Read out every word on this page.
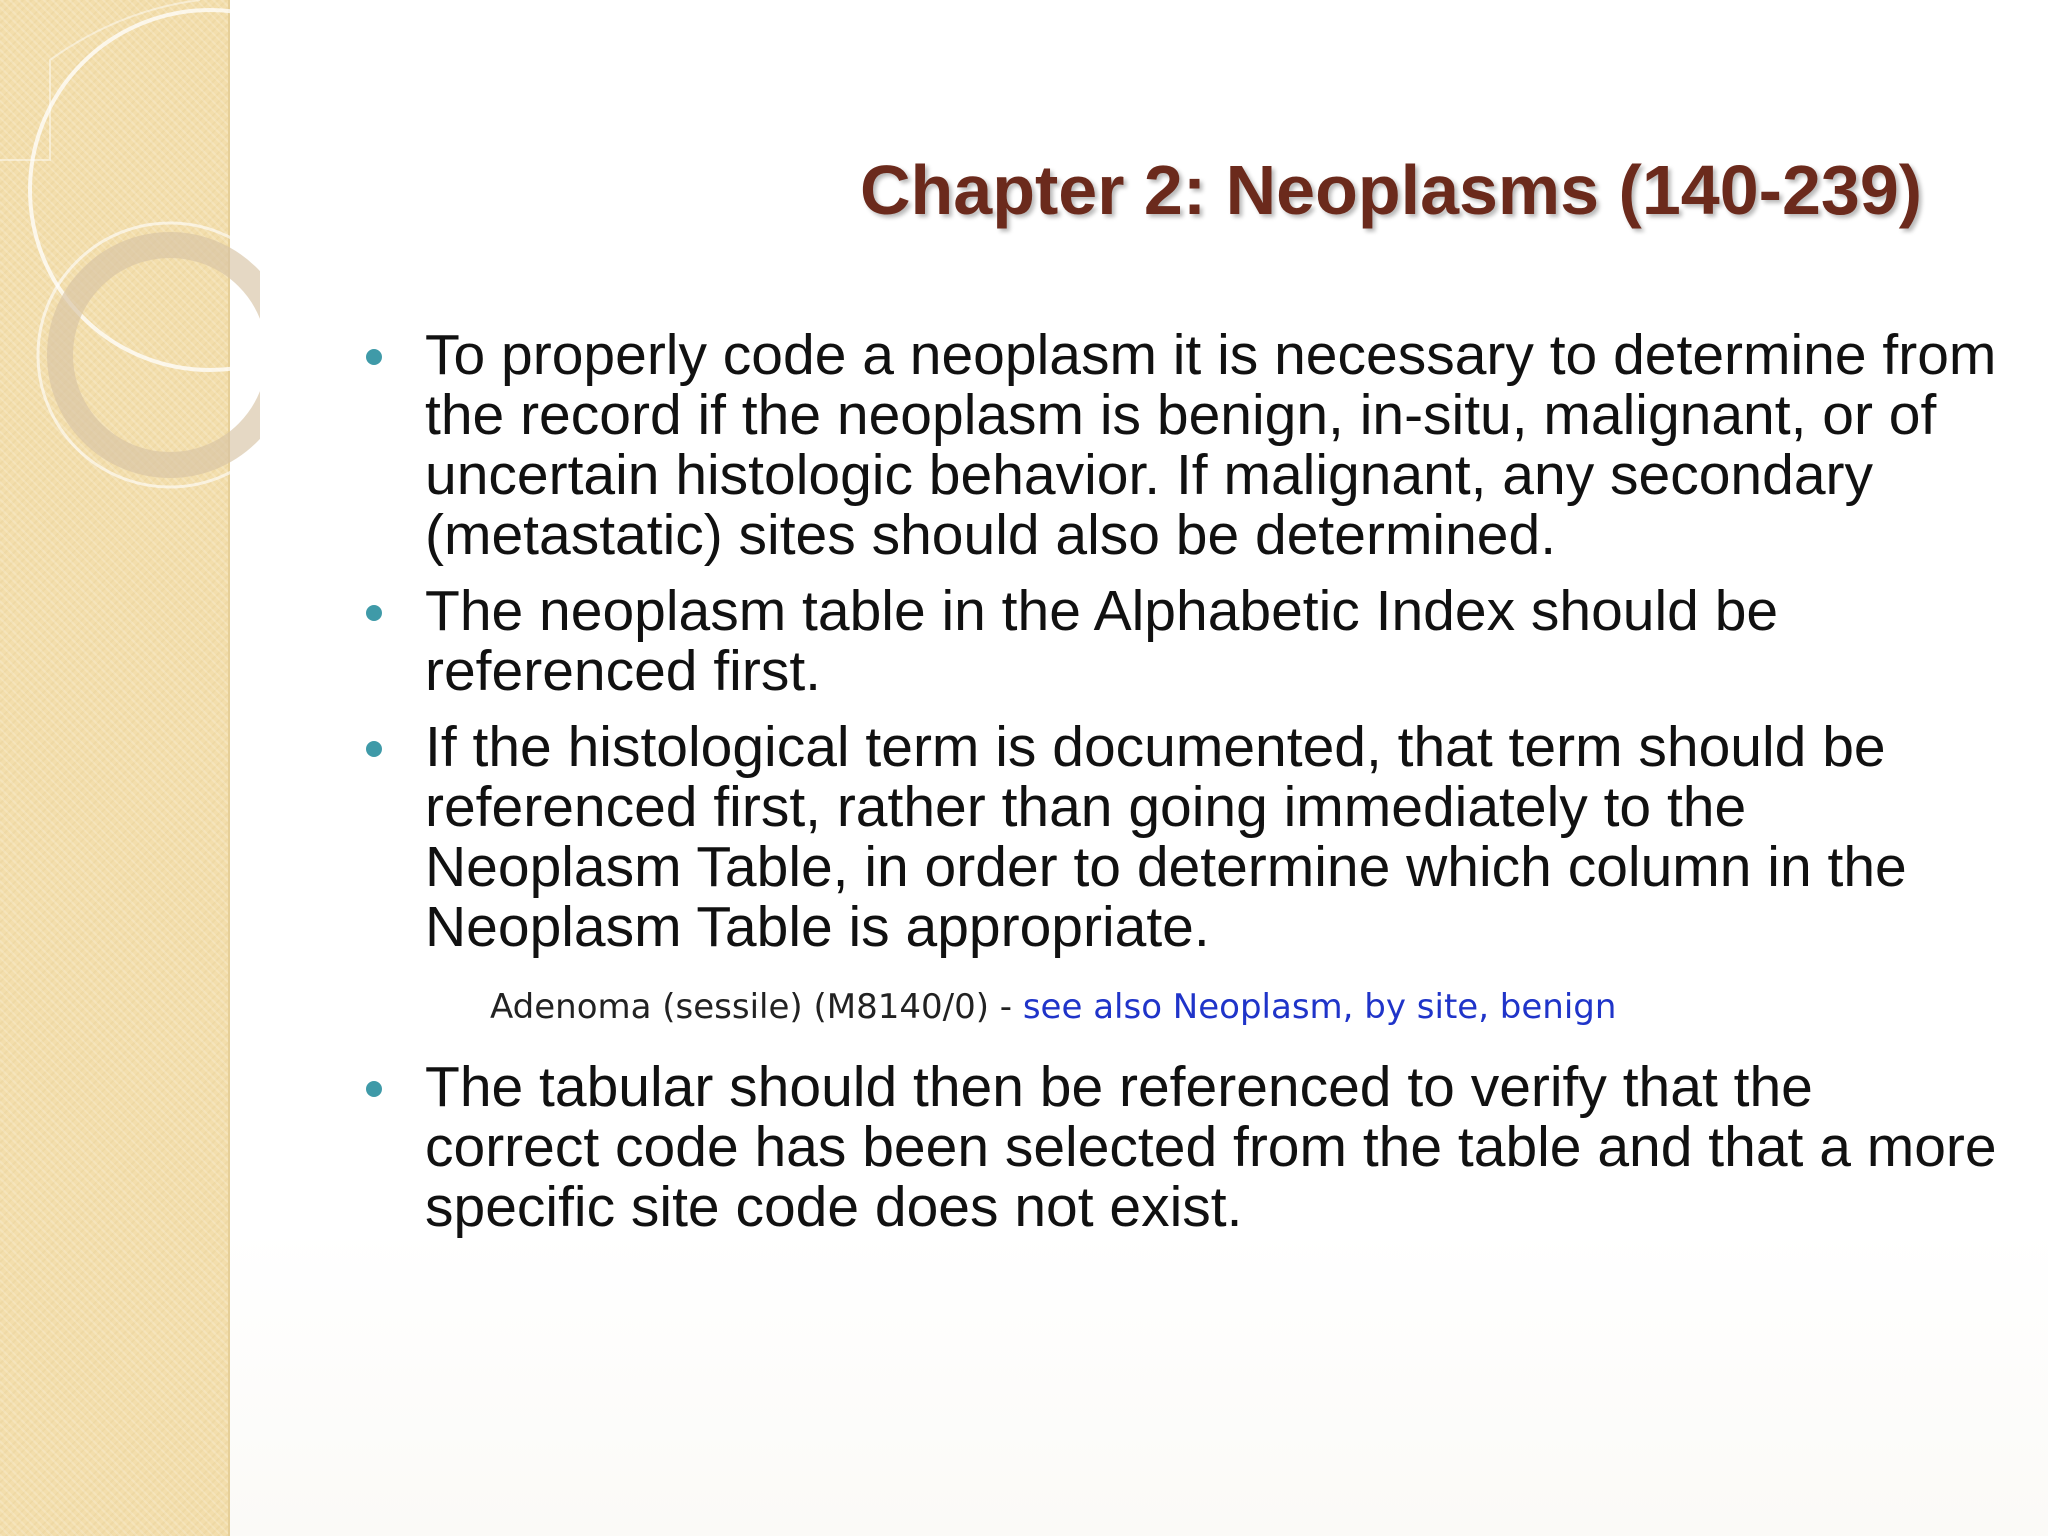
Chapter 2: Neoplasms (140-239)
To properly code a neoplasm it is necessary to determine from the record if the neoplasm is benign, in-situ, malignant, or of uncertain histologic behavior. If malignant, any secondary (metastatic) sites should also be determined.
The neoplasm table in the Alphabetic Index should be referenced first.
If the histological term is documented, that term should be referenced first, rather than going immediately to the Neoplasm Table, in order to determine which column in the Neoplasm Table is appropriate.
Adenoma (sessile) (M8140/0) - see also Neoplasm, by site, benign
The tabular should then be referenced to verify that the correct code has been selected from the table and that a more specific site code does not exist.
